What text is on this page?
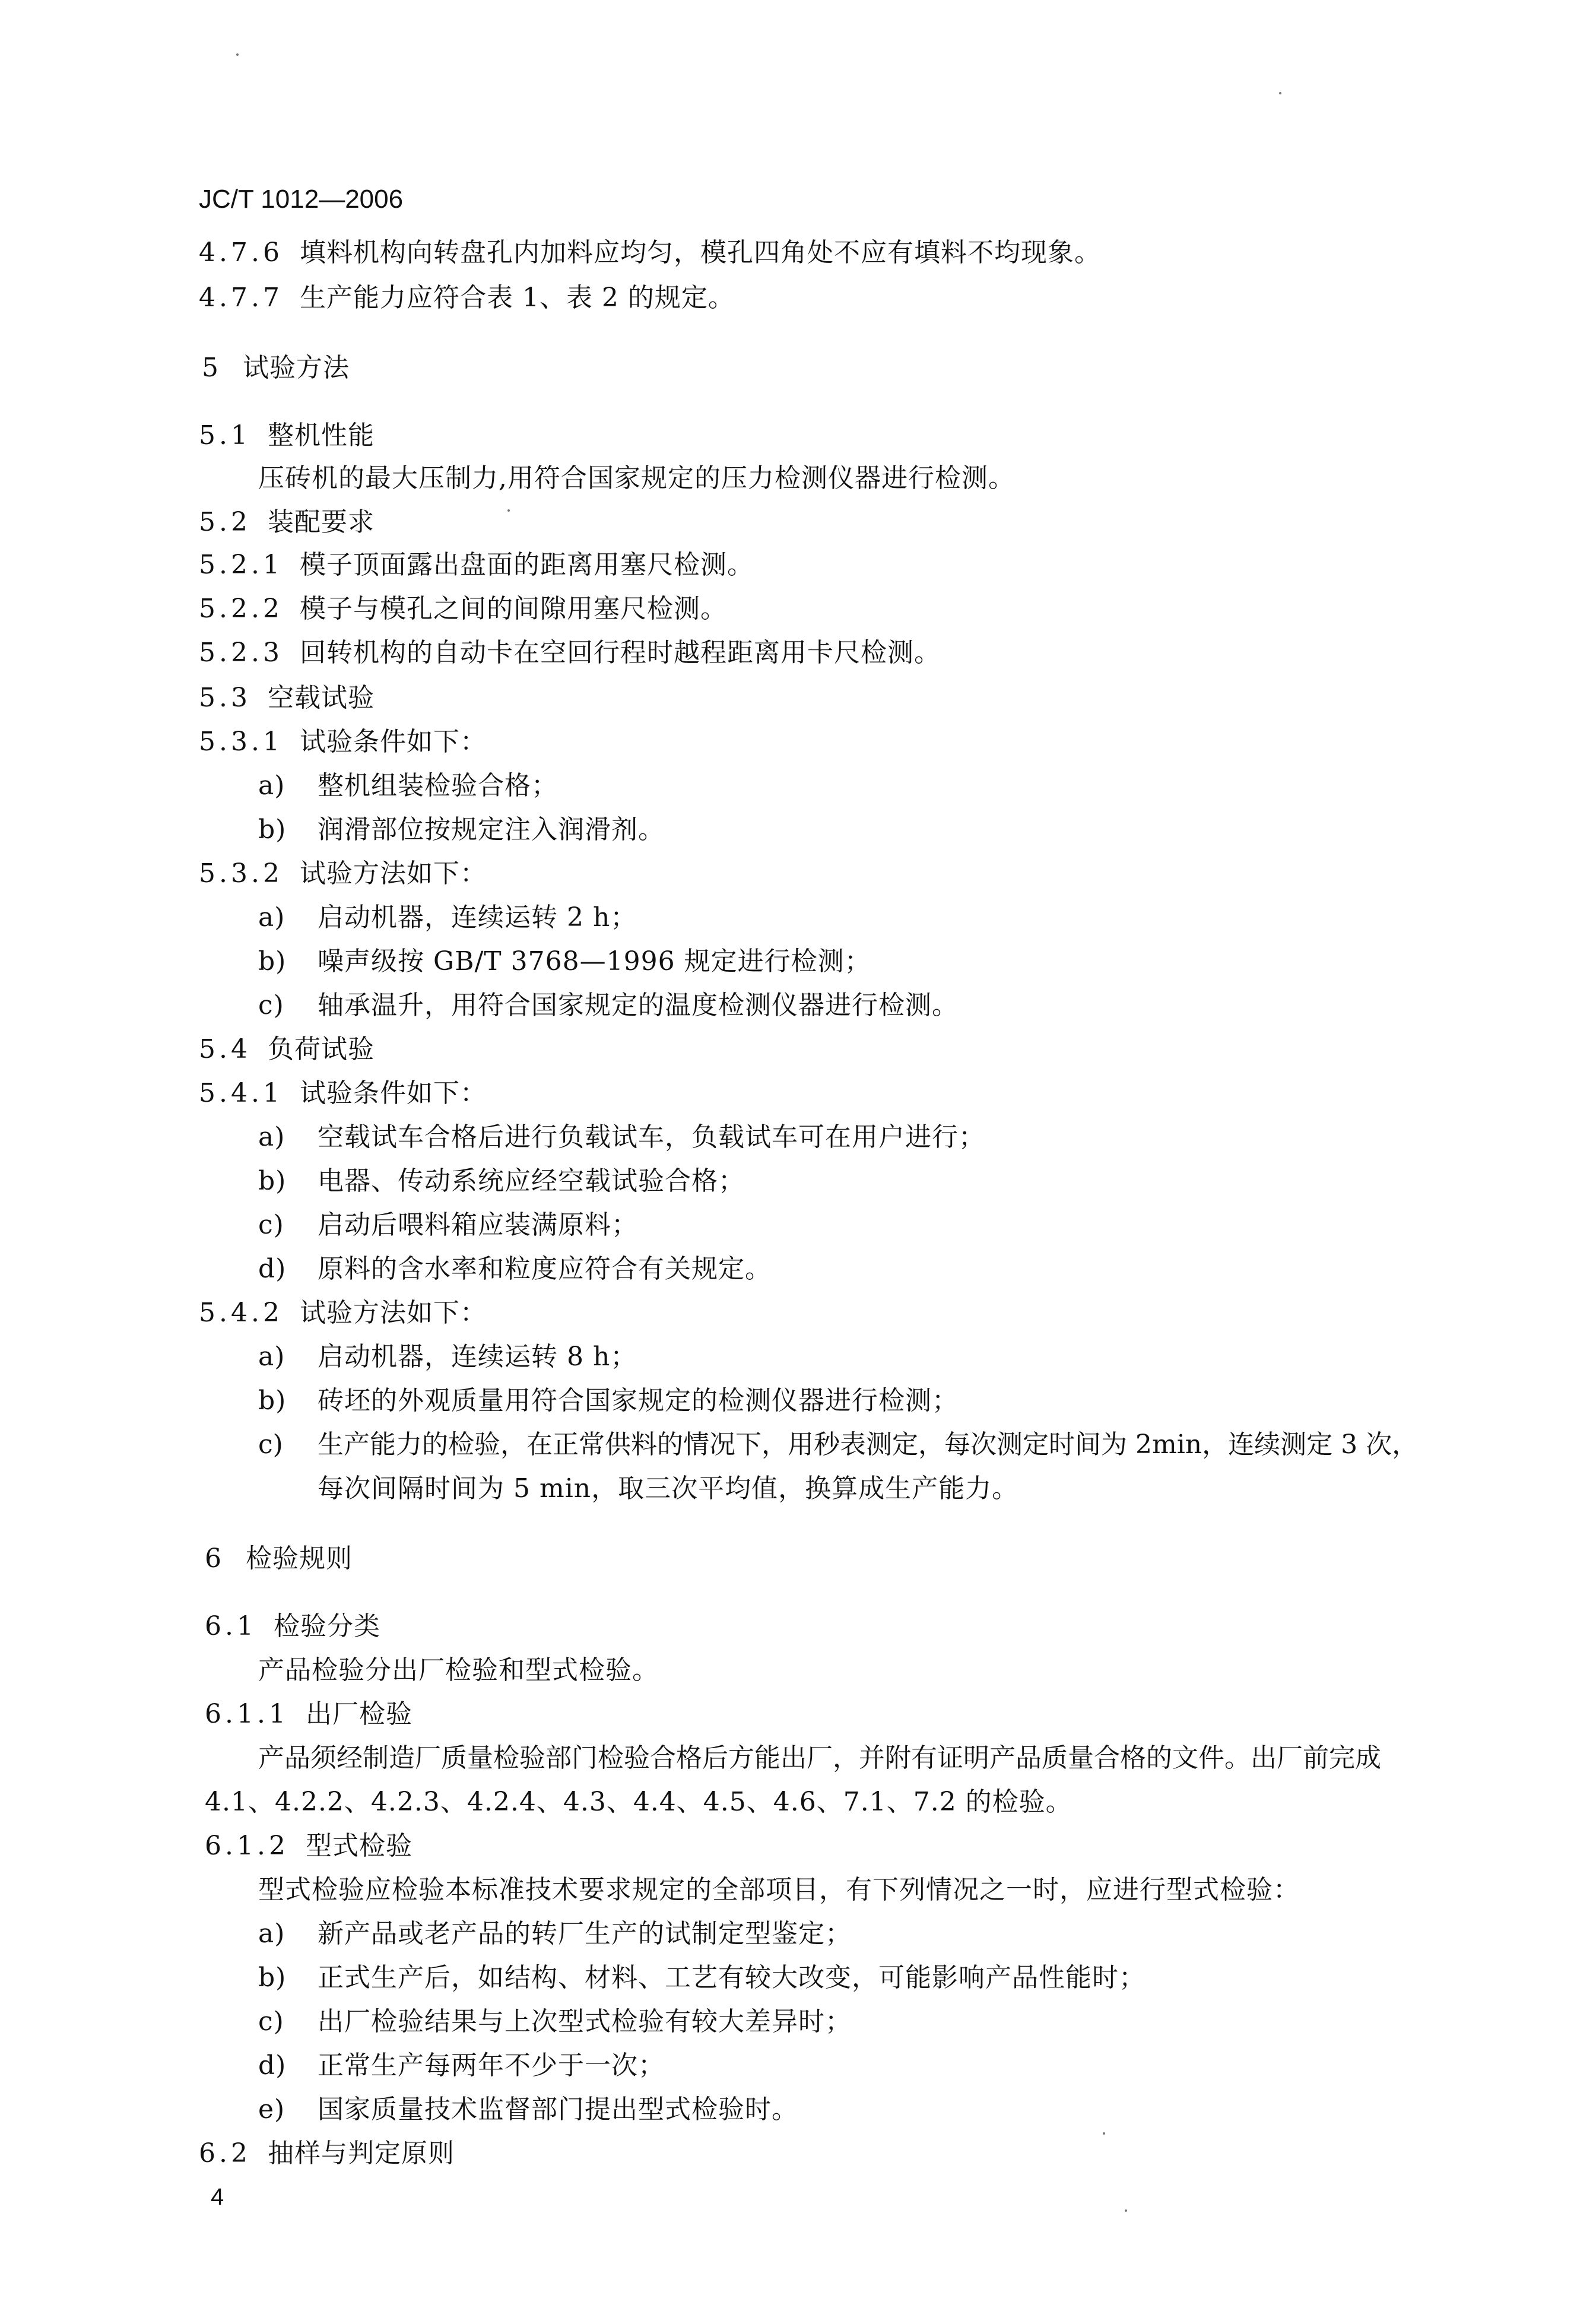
JC/T 1012—2006
4.7.6 填料机构向转盘孔内加料应均匀，模孔四角处不应有填料不均现象。
4.7.7 生产能力应符合表 1、表 2 的规定。
5 试验方法
5.1 整机性能
压砖机的最大压制力,用符合国家规定的压力检测仪器进行检测。
5.2 装配要求
5.2.1 模子顶面露出盘面的距离用塞尺检测。
5.2.2 模子与模孔之间的间隙用塞尺检测。
5.2.3 回转机构的自动卡在空回行程时越程距离用卡尺检测。
5.3 空载试验
5.3.1 试验条件如下：
a) 整机组装检验合格；
b) 润滑部位按规定注入润滑剂。
5.3.2 试验方法如下：
a) 启动机器，连续运转 2 h；
b) 噪声级按 GB/T 3768—1996 规定进行检测；
c) 轴承温升，用符合国家规定的温度检测仪器进行检测。
5.4 负荷试验
5.4.1 试验条件如下：
a) 空载试车合格后进行负载试车，负载试车可在用户进行；
b) 电器、传动系统应经空载试验合格；
c) 启动后喂料箱应装满原料；
d) 原料的含水率和粒度应符合有关规定。
5.4.2 试验方法如下：
a) 启动机器，连续运转 8 h；
b) 砖坯的外观质量用符合国家规定的检测仪器进行检测；
c) 生产能力的检验，在正常供料的情况下，用秒表测定，每次测定时间为 2min，连续测定 3 次，
每次间隔时间为 5 min，取三次平均值，换算成生产能力。
6 检验规则
6.1 检验分类
产品检验分出厂检验和型式检验。
6.1.1 出厂检验
产品须经制造厂质量检验部门检验合格后方能出厂，并附有证明产品质量合格的文件。出厂前完成
4.1、4.2.2、4.2.3、4.2.4、4.3、4.4、4.5、4.6、7.1、7.2 的检验。
6.1.2 型式检验
型式检验应检验本标准技术要求规定的全部项目，有下列情况之一时，应进行型式检验：
a) 新产品或老产品的转厂生产的试制定型鉴定；
b) 正式生产后，如结构、材料、工艺有较大改变，可能影响产品性能时；
c) 出厂检验结果与上次型式检验有较大差异时；
d) 正常生产每两年不少于一次；
e) 国家质量技术监督部门提出型式检验时。
6.2 抽样与判定原则
4
